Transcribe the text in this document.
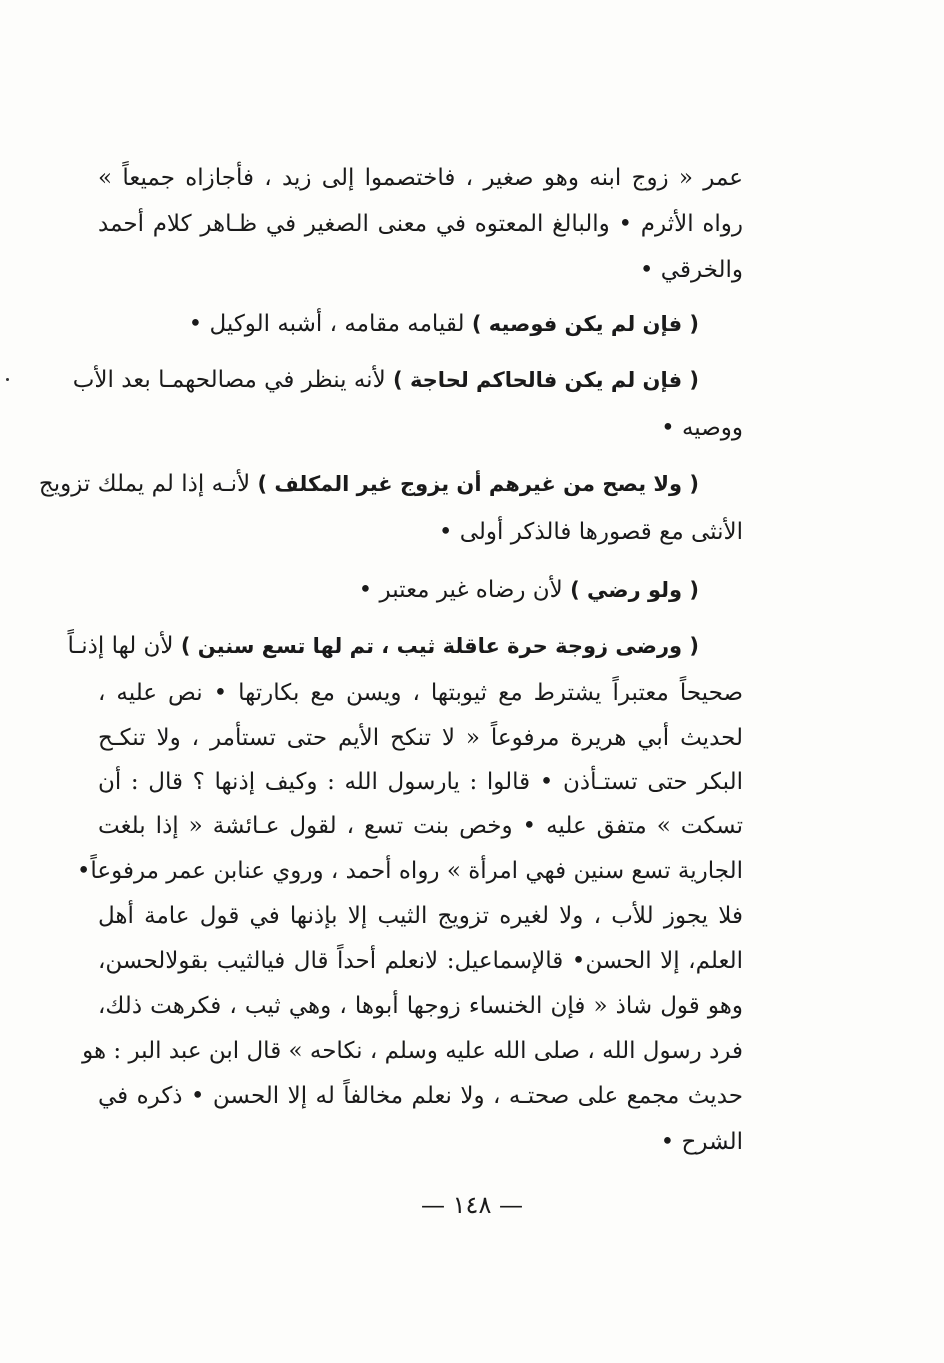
عمر « زوج ابنه وهو صغير ، فاختصموا إلى زيد ، فأجازاه جميعاً »
رواه الأثرم • والبالغ المعتوه في معنى الصغير في ظـاهر كلام أحمد
والخرقي •
( فإن لم يكن فوصيه ) لقيامه مقامه ، أشبه الوكيل •
( فإن لم يكن فالحاكم لحاجة ) لأنه ينظر في مصالحهمـا بعد الأب
ووصيه •
( ولا يصح من غيرهم أن يزوج غير المكلف ) لأنـه إذا لم يملك تزويج
الأنثى مع قصورها فالذكر أولى •
( ولو رضي ) لأن رضاه غير معتبر •
( ورضى زوجة حرة عاقلة ثيب ، تم لها تسع سنين ) لأن لها إذنـاً
صحيحاً معتبراً يشترط مع ثيوبتها ، ويسن مع بكارتها • نص عليه ،
لحديث أبي هريرة مرفوعاً « لا تنكح الأيم حتى تستأمر ، ولا تنكـح
البكر حتى تستـأذن • قالوا : يارسول الله : وكيف إذنها ؟ قال : أن
تسكت » متفق عليه • وخص بنت تسع ، لقول عـائشة « إذا بلغت
الجارية تسع سنين فهي امرأة » رواه أحمد ، وروي عنابن عمر مرفوعاً•
فلا يجوز للأب ، ولا لغيره تزويج الثيب إلا بإذنها في قول عامة أهل
العلم، إلا الحسن• قالإسماعيل: لانعلم أحداً قال فيالثيب بقولالحسن،
وهو قول شاذ « فإن الخنساء زوجها أبوها ، وهي ثيب ، فكرهت ذلك،
فرد رسول الله ، صلى الله عليه وسلم ، نكاحه » قال ابن عبد البر : هو
حديث مجمع على صحتـه ، ولا نعلم مخالفاً له إلا الحسن • ذكره في
الشرح •
— ١٤٨ —
